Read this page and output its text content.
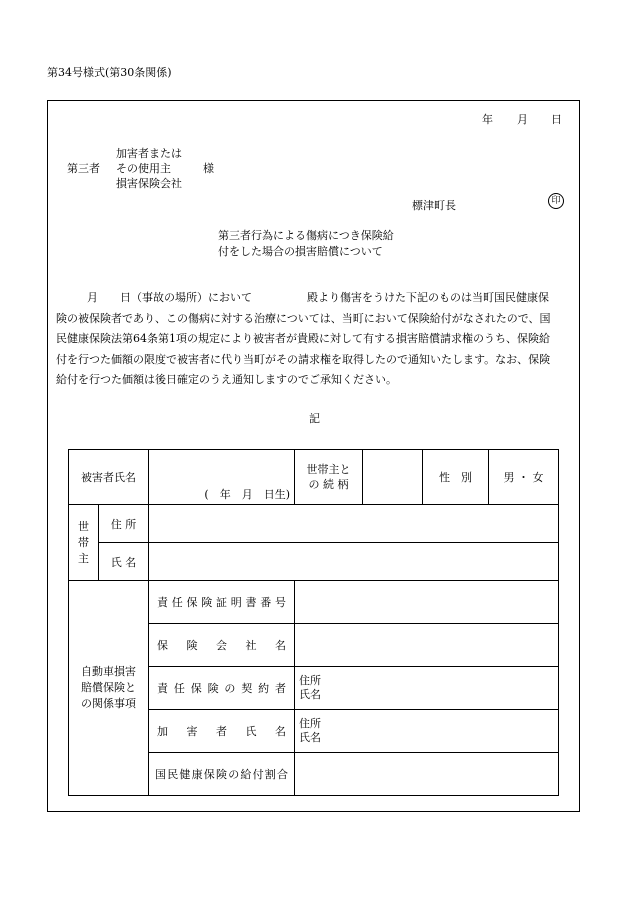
第34号様式(第30条関係)
年 月 日
加害者または
第三者 その使用主	様
損害保険会社
標津町長	印
第三者行為による傷病につき保険給
付をした場合の損害賠償について
月　　日（事故の場所）において　　　　　殿より傷害をうけた下記のものは当町国民健康保
険の被保険者であり、この傷病に対する治療については、当町において保険給付がなされたので、国
民健康保険法第64条第1項の規定により被害者が貴殿に対して有する損害賠償請求権のうち、保険給
付を行つた価額の限度で被害者に代り当町がその請求権を取得したので通知いたします。なお、保険
給付を行つた価額は後日確定のうえ通知しますのでご承知ください。
記
被害者氏名		(　年　月　日生)	世帯主と
の 続 柄		性　別	男 ・ 女

世
帯
主	住 所					
	氏 名					

自動車損害
賠償保険と
の関係事項		責任保険証明書番号				

		保険会社名				

		責任保険の契約者	住所
氏名			

		加害者氏名	住所
氏名			

		国民健康保険の給付割合				
